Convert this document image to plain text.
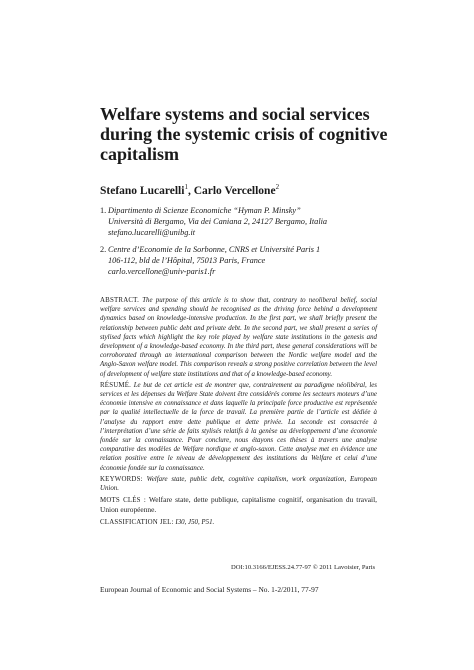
Welfare systems and social services during the systemic crisis of cognitive capitalism
Stefano Lucarelli$^1$, Carlo Vercellone$^2$
1. Dipartimento di Scienze Economiche “Hyman P. Minsky”
Università di Bergamo, Via dei Caniana 2, 24127 Bergamo, Italia
stefano.lucarelli@unibg.it
2. Centre d’Economie de la Sorbonne, CNRS et Université Paris 1
106-112, bld de l’Hôpital, 75013 Paris, France
carlo.vercellone@univ-paris1.fr

ABSTRACT. The purpose of this article is to show that, contrary to neoliberal belief, social welfare services and spending should be recognised as the driving force behind a development dynamics based on knowledge-intensive production. In the first part, we shall briefly present the relationship between public debt and private debt. In the second part, we shall present a series of stylised facts which highlight the key role played by welfare state institutions in the genesis and development of a knowledge-based economy. In the third part, these general considerations will be corroborated through an international comparison between the Nordic welfare model and the Anglo-Saxon welfare model. This comparison reveals a strong positive correlation between the level of development of welfare state institutions and that of a knowledge-based economy.

RÉSUMÉ. Le but de cet article est de montrer que, contrairement au paradigme néolibéral, les services et les dépenses du Welfare State doivent être considérés comme les secteurs moteurs d’une économie intensive en connaissance et dans laquelle la principale force productive est représentée par la qualité intellectuelle de la force de travail. La première partie de l’article est dédiée à l’analyse du rapport entre dette publique et dette privée. La seconde est consacrée à l’interprétation d’une série de faits stylisés relatifs à la genèse au développement d’une économie fondée sur la connaissance. Pour conclure, nous étayons ces thèses à travers une analyse comparative des modèles de Welfare nordique et anglo-saxon. Cette analyse met en évidence une relation positive entre le niveau de développement des institutions du Welfare et celui d’une économie fondée sur la connaissance.

KEYWORDS: Welfare state, public debt, cognitive capitalism, work organization, European Union.

MOTS CLÉS : Welfare state, dette publique, capitalisme cognitif, organisation du travail, Union européenne.

CLASSIFICATION JEL: I30, J50, P51.

DOI:10.3166/EJESS.24.77-97 © 2011 Lavoisier, Paris
European Journal of Economic and Social Systems – No. 1-2/2011, 77-97
